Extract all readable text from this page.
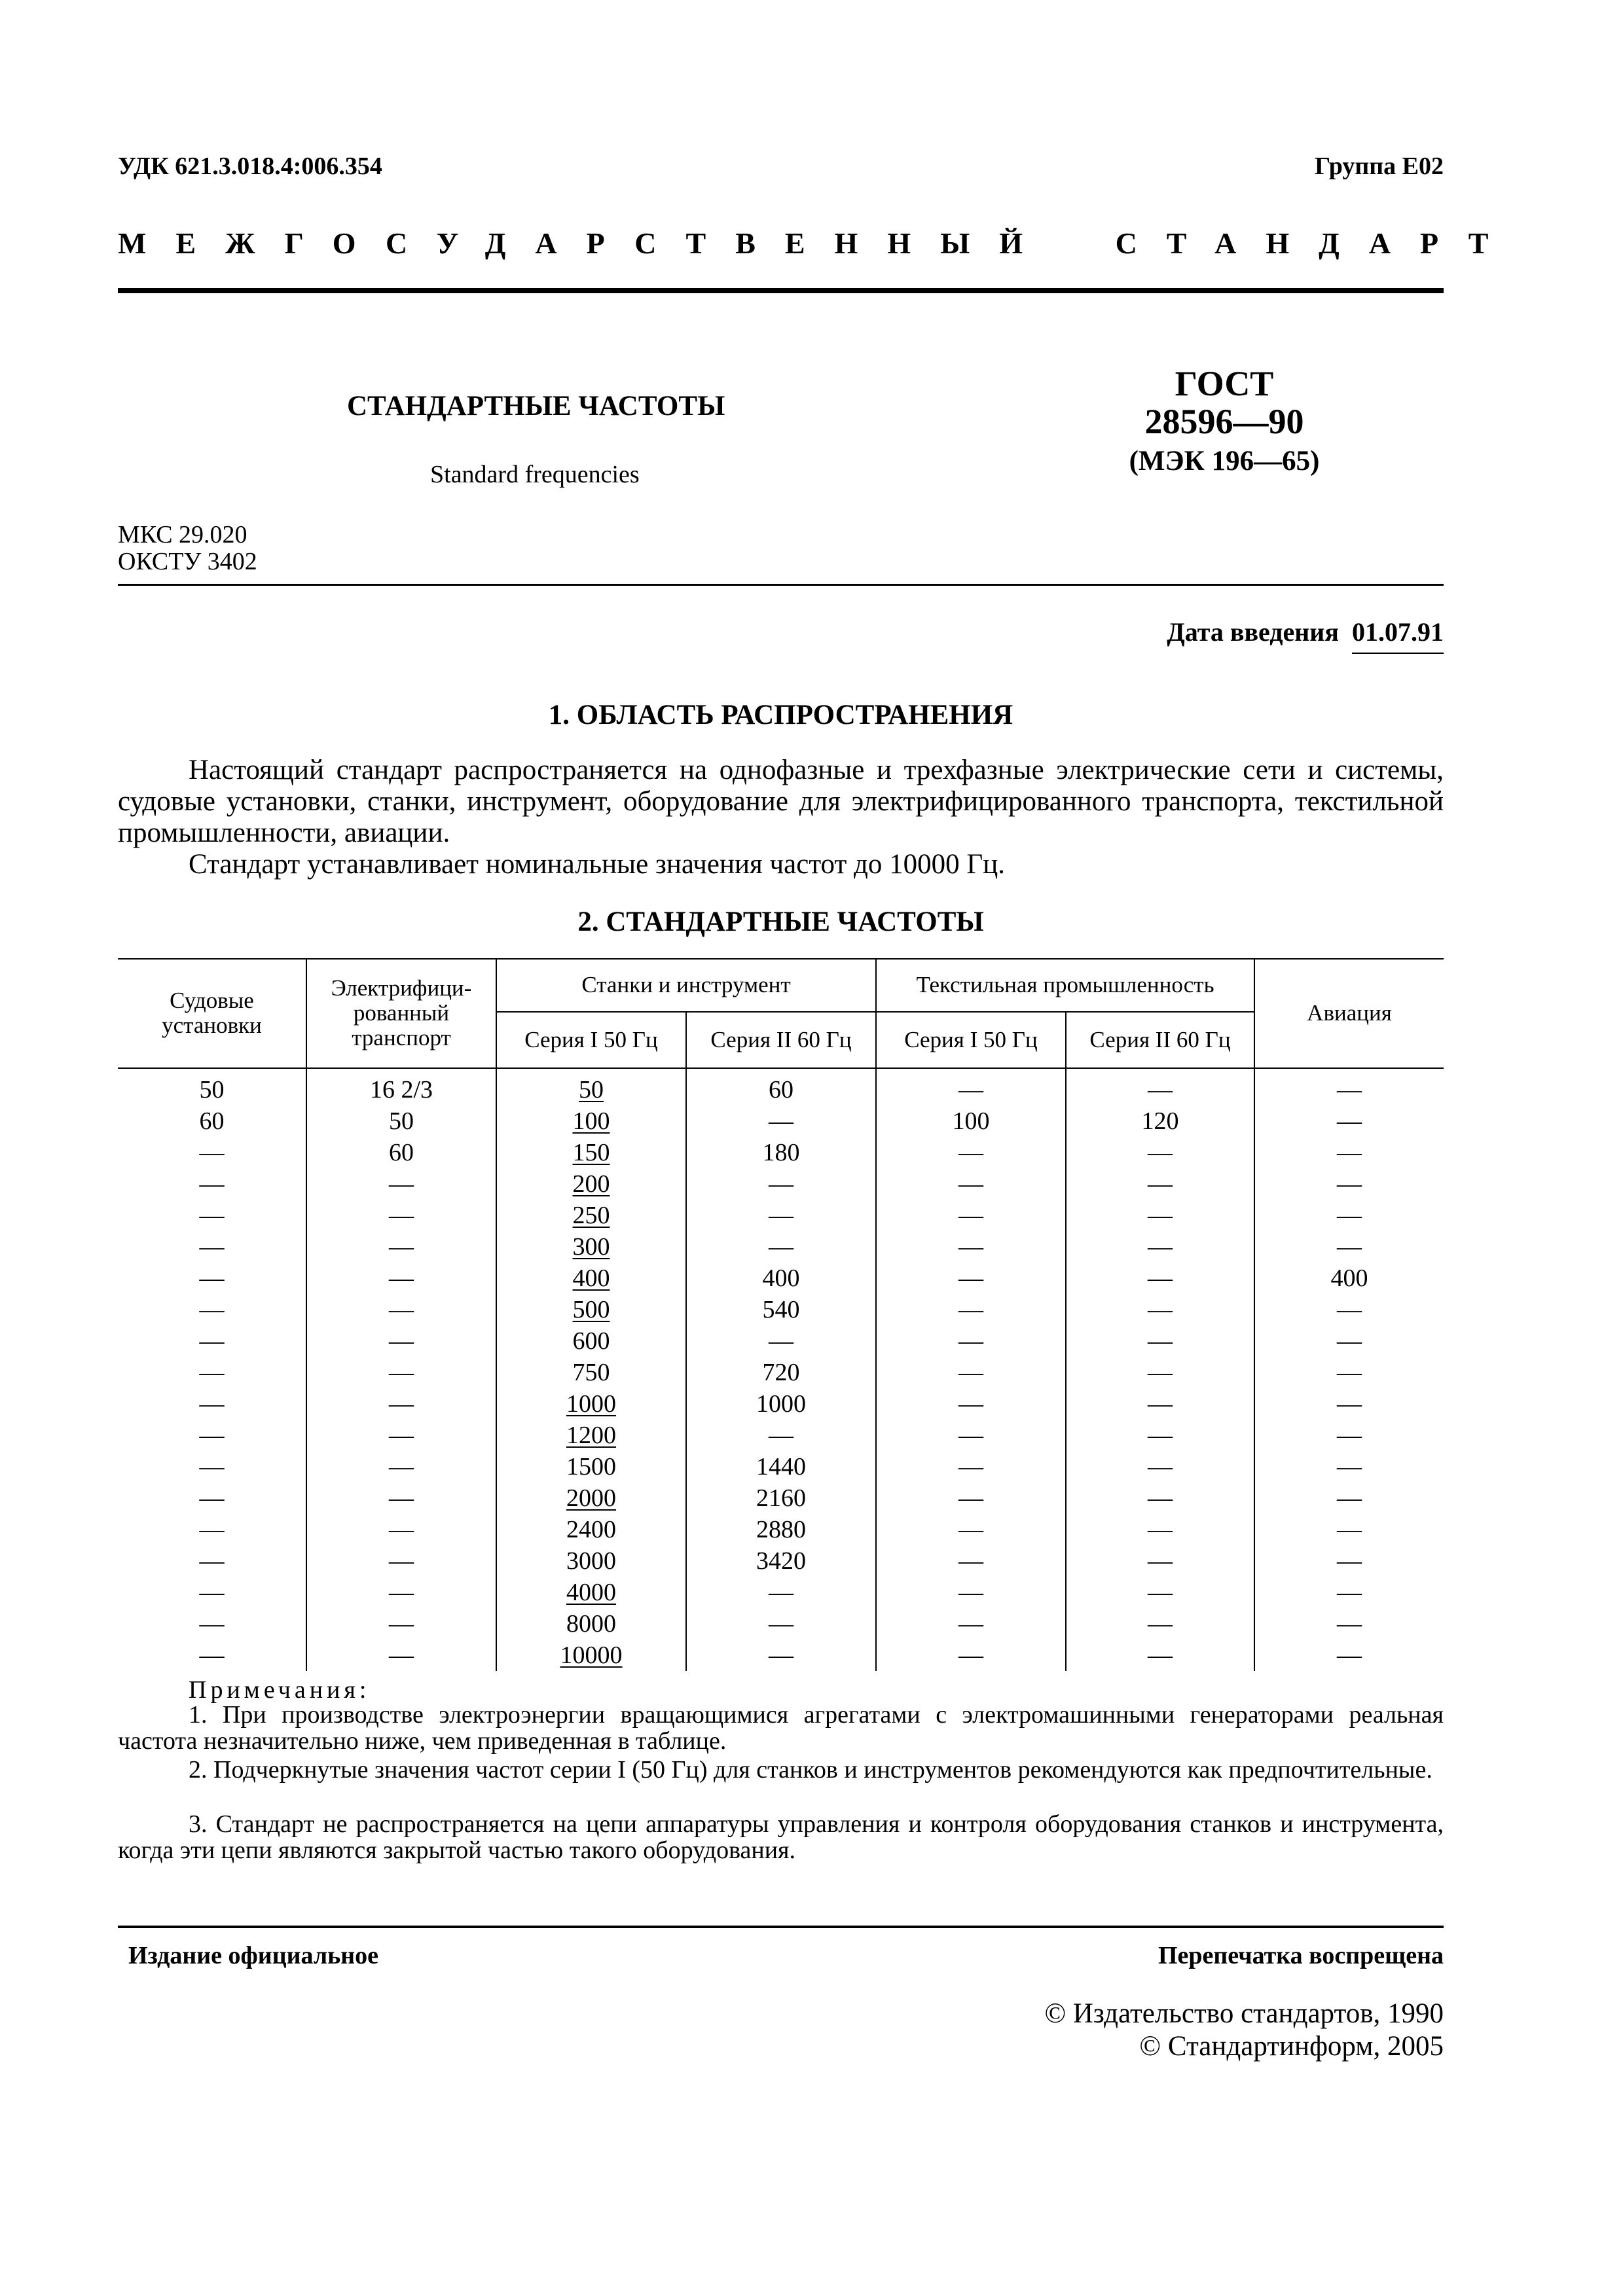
УДК 621.3.018.4:006.354	Группа Е02
МЕЖГОСУДАРСТВЕННЫЙ СТАНДАРТ
СТАНДАРТНЫЕ ЧАСТОТЫ
Standard frequencies
ГОСТ
28596—90
(МЭК 196—65)
МКС 29.020
ОКСТУ 3402
Дата введения 01.07.91
1. ОБЛАСТЬ РАСПРОСТРАНЕНИЯ
Настоящий стандарт распространяется на однофазные и трехфазные электрические сети и системы, судовые установки, станки, инструмент, оборудование для электрифицированного транспорта, текстильной промышленности, авиации.
Стандарт устанавливает номинальные значения частот до 10000 Гц.
2. СТАНДАРТНЫЕ ЧАСТОТЫ
Судовые установки	Электрифици-рованный транспорт	Станки и инструмент		Текстильная промышленность		Авиация
		Серия I 50 Гц	Серия II 60 Гц	Серия I 50 Гц	Серия II 60 Гц	
50	16 2/3	50	60	—	—	—
60	50	100	—	100	120	—
—	60	150	180	—	—	—
—	—	200	—	—	—	—
—	—	250	—	—	—	—
—	—	300	—	—	—	—
—	—	400	400	—	—	400
—	—	500	540	—	—	—
—	—	600	—	—	—	—
—	—	750	720	—	—	—
—	—	1000	1000	—	—	—
—	—	1200	—	—	—	—
—	—	1500	1440	—	—	—
—	—	2000	2160	—	—	—
—	—	2400	2880	—	—	—
—	—	3000	3420	—	—	—
—	—	4000	—	—	—	—
—	—	8000	—	—	—	—
—	—	10000	—	—	—	—
Примечания:
1. При производстве электроэнергии вращающимися агрегатами с электромашинными генераторами реальная частота незначительно ниже, чем приведенная в таблице.
2. Подчеркнутые значения частот серии I (50 Гц) для станков и инструментов рекомендуются как предпочтительные.
3. Стандарт не распространяется на цепи аппаратуры управления и контроля оборудования станков и инструмента, когда эти цепи являются закрытой частью такого оборудования.
Издание официальное	Перепечатка воспрещена
© Издательство стандартов, 1990
© Стандартинформ, 2005
